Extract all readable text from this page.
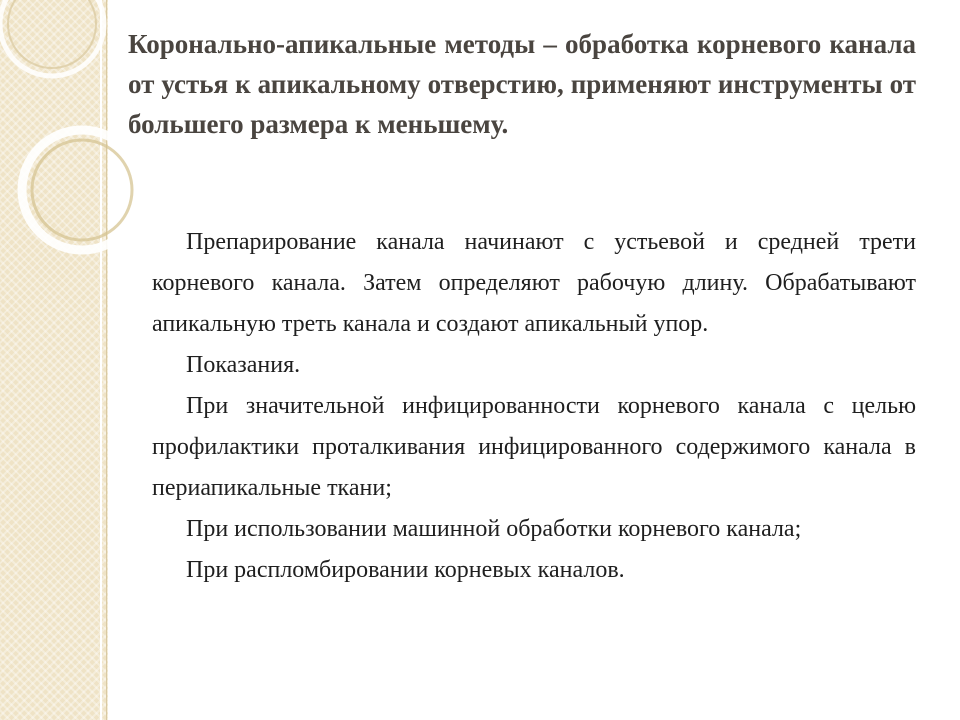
Коронально-апикальные методы – обработка корневого канала от устья к апикальному отверстию, применяют инструменты от большего размера к меньшему.

Препарирование канала начинают с устьевой и средней трети корневого канала. Затем определяют рабочую длину. Обрабатывают апикальную треть канала и создают апикальный упор.

Показания.

При значительной инфицированности корневого канала с целью профилактики проталкивания инфицированного содержимого канала в периапикальные ткани;

При использовании машинной обработки корневого канала;

При распломбировании корневых каналов.
